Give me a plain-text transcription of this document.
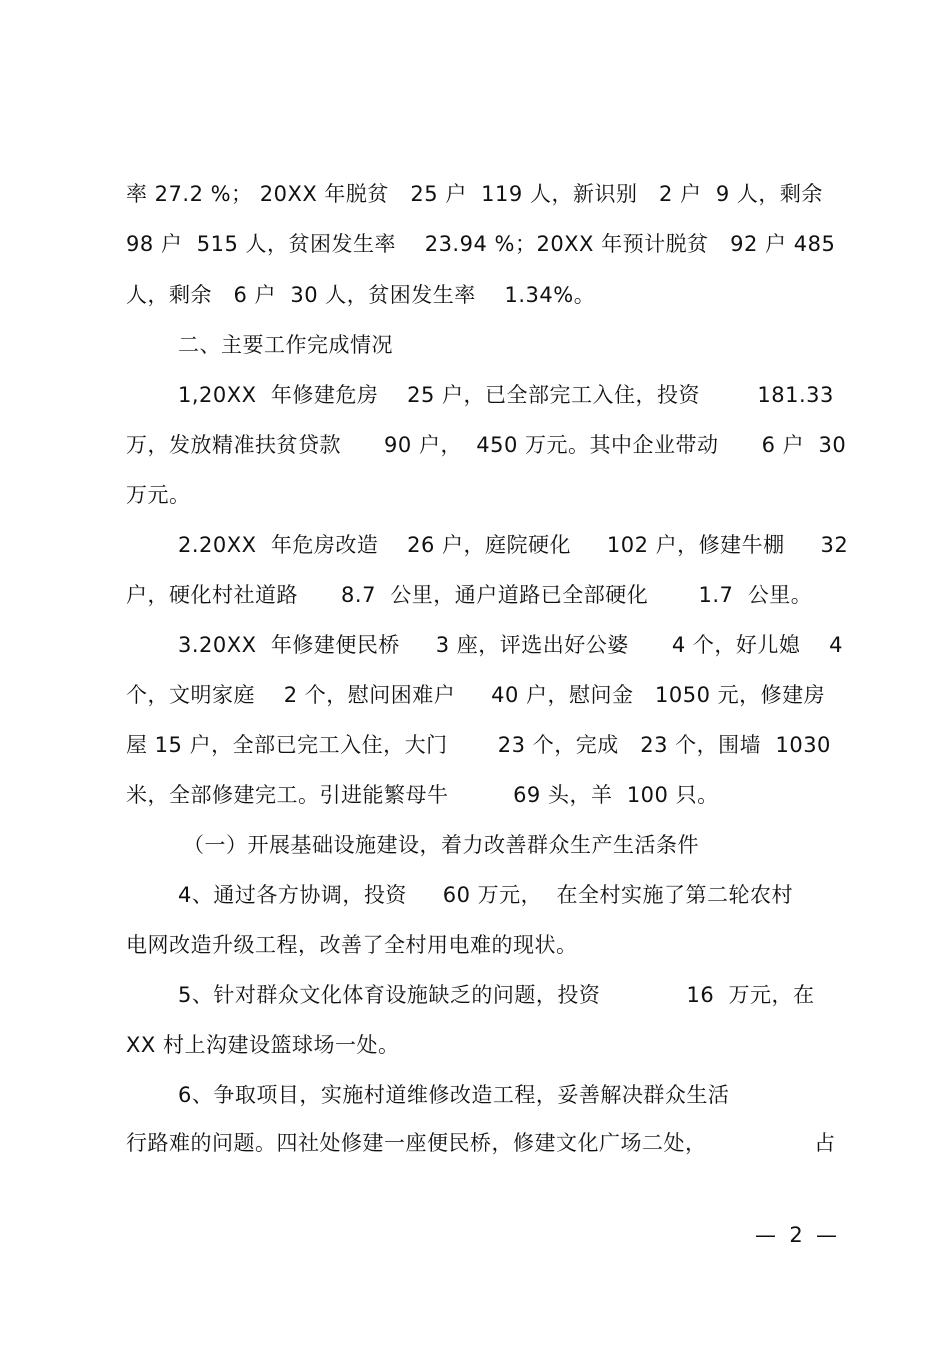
率 27.2 %； 20XX 年脱贫   25 户  119 人，新识别   2 户  9 人，剩余
98 户  515 人，贫困发生率    23.94 %；20XX 年预计脱贫   92 户 485
人，剩余   6 户  30 人，贫困发生率    1.34%。
二、主要工作完成情况
1,20XX  年修建危房    25 户，已全部完工入住，投资        181.33
万，发放精准扶贫贷款      90 户，  450 万元。其中企业带动      6 户  30
万元。
2.20XX  年危房改造    26 户，庭院硬化     102 户，修建牛棚     32
户，硬化村社道路      8.7  公里，通户道路已全部硬化       1.7  公里。
3.20XX  年修建便民桥     3 座，评选出好公婆      4 个，好儿媳    4
个，文明家庭    2 个，慰问困难户     40 户，慰问金   1050 元，修建房
屋 15 户，全部已完工入住，大门       23 个，完成   23 个，围墙  1030
米，全部修建完工。引进能繁母牛         69 头，羊  100 只。
（一）开展基础设施建设，着力改善群众生产生活条件
4、通过各方协调，投资     60 万元，  在全村实施了第二轮农村
电网改造升级工程，改善了全村用电难的现状。
5、针对群众文化体育设施缺乏的问题，投资            16  万元，在
XX 村上沟建设篮球场一处。
6、争取项目，实施村道维修改造工程，妥善解决群众生活
行路难的问题。四社处修建一座便民桥，修建文化广场二处，               占
—  2  —
